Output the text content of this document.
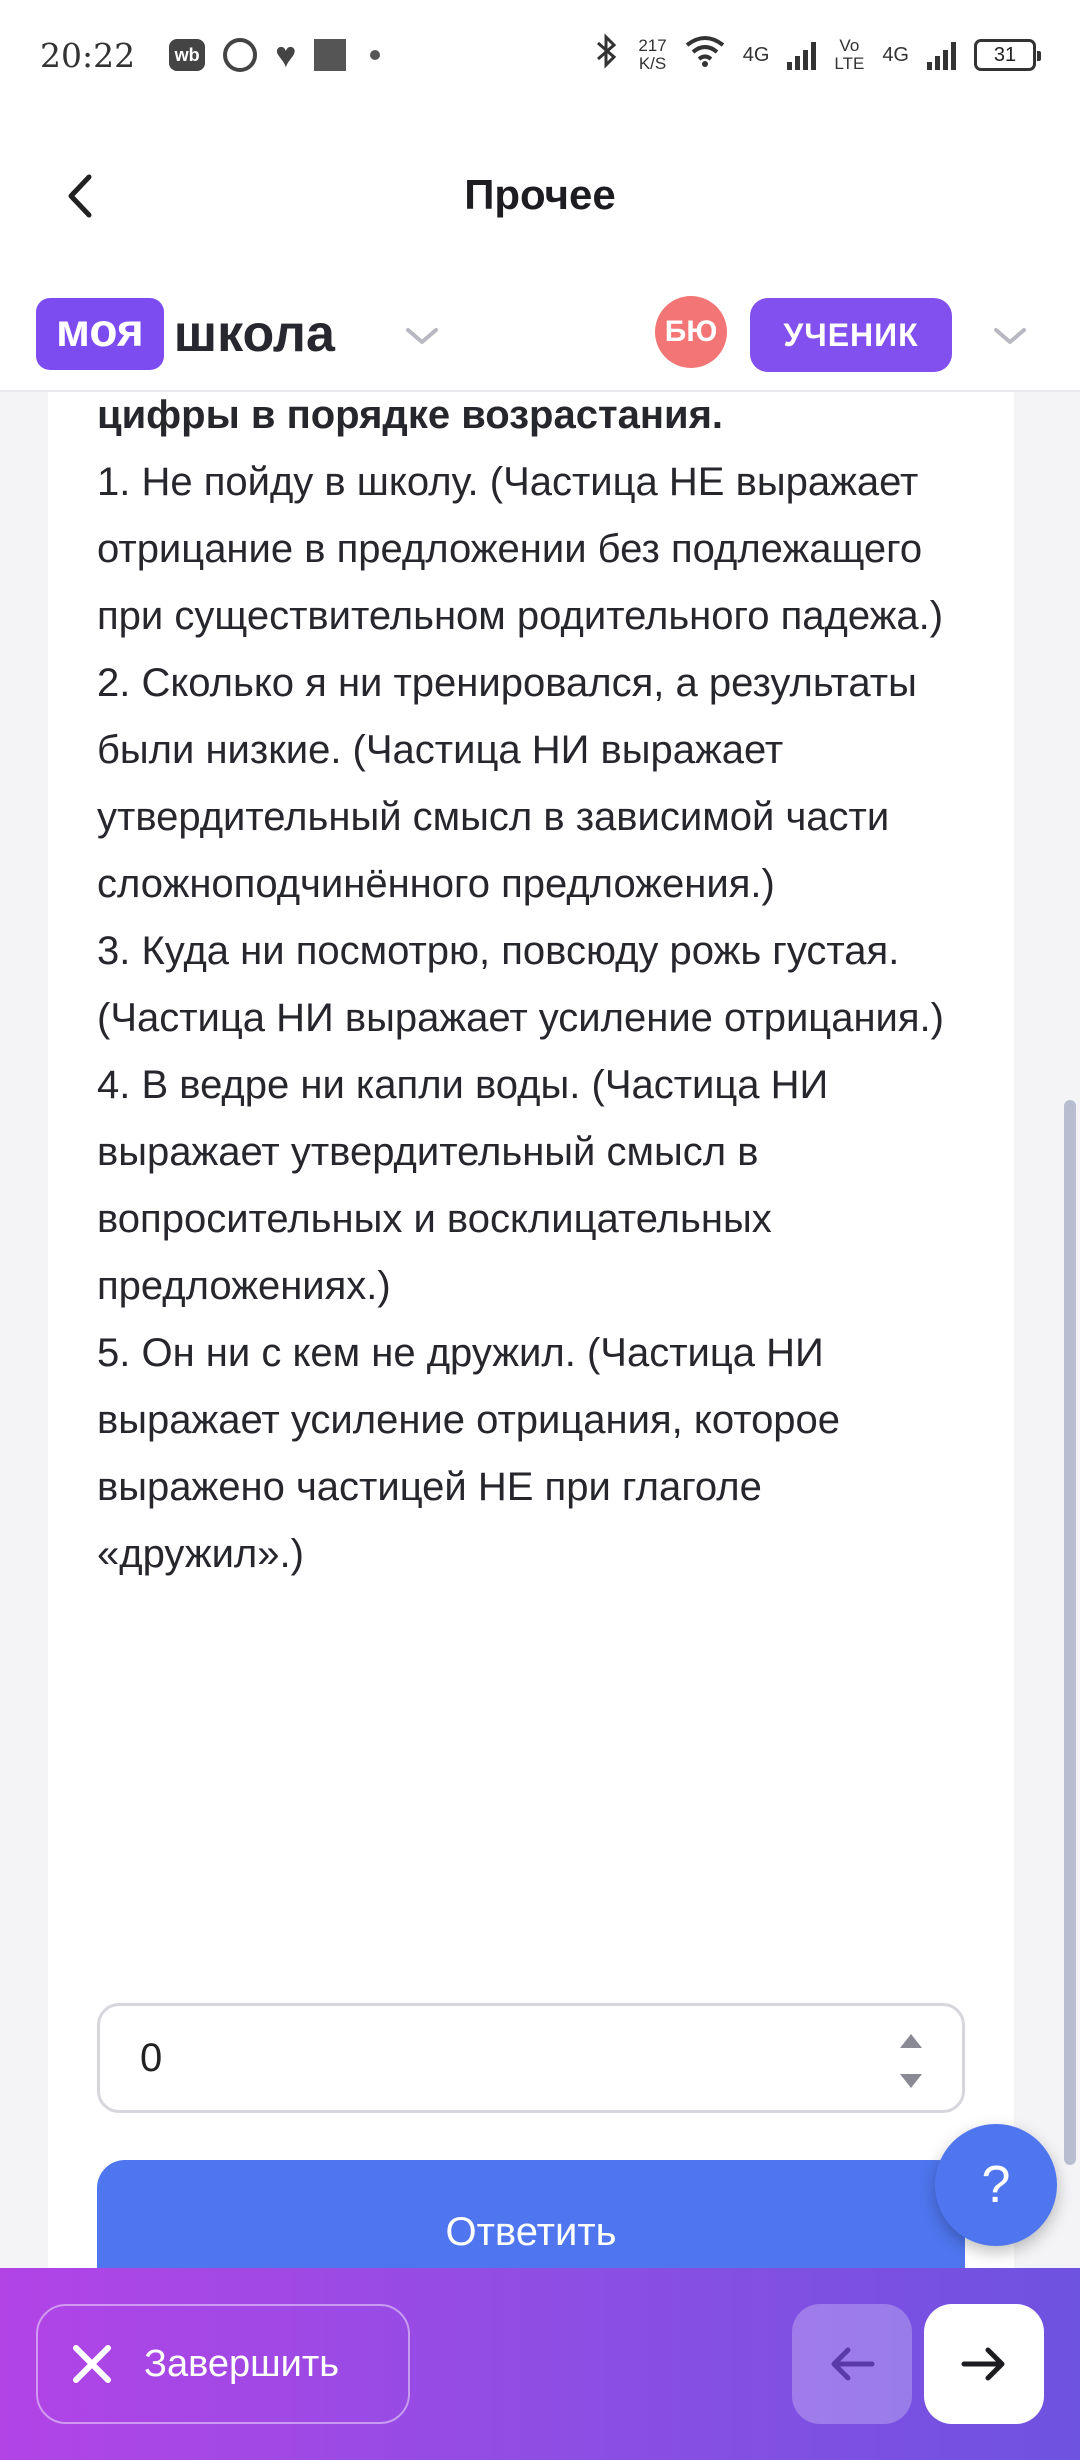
20:22	wb ♥	217
K/S	4G	Vo
LTE 4G	31
Прочее

цифры в порядке возрастания.

1. Не пойду в школу. (Частица НЕ выражает отрицание в предложении без подлежащего при существительном родительного падежа.)

2. Сколько я ни тренировался, а результаты были низкие. (Частица НИ выражает утвердительный смысл в зависимой части сложноподчинённого предложения.)

3. Куда ни посмотрю, повсюду рожь густая. (Частица НИ выражает усиление отрицания.)

4. В ведре ни капли воды. (Частица НИ выражает утвердительный смысл в вопросительных и восклицательных предложениях.)

5. Он ни с кем не дружил. (Частица НИ выражает усиление отрицания, которое выражено частицей НЕ при глаголе «дружил».)

моя школа	БЮ	УЧЕНИК
0
Ответить
?
Завершить
